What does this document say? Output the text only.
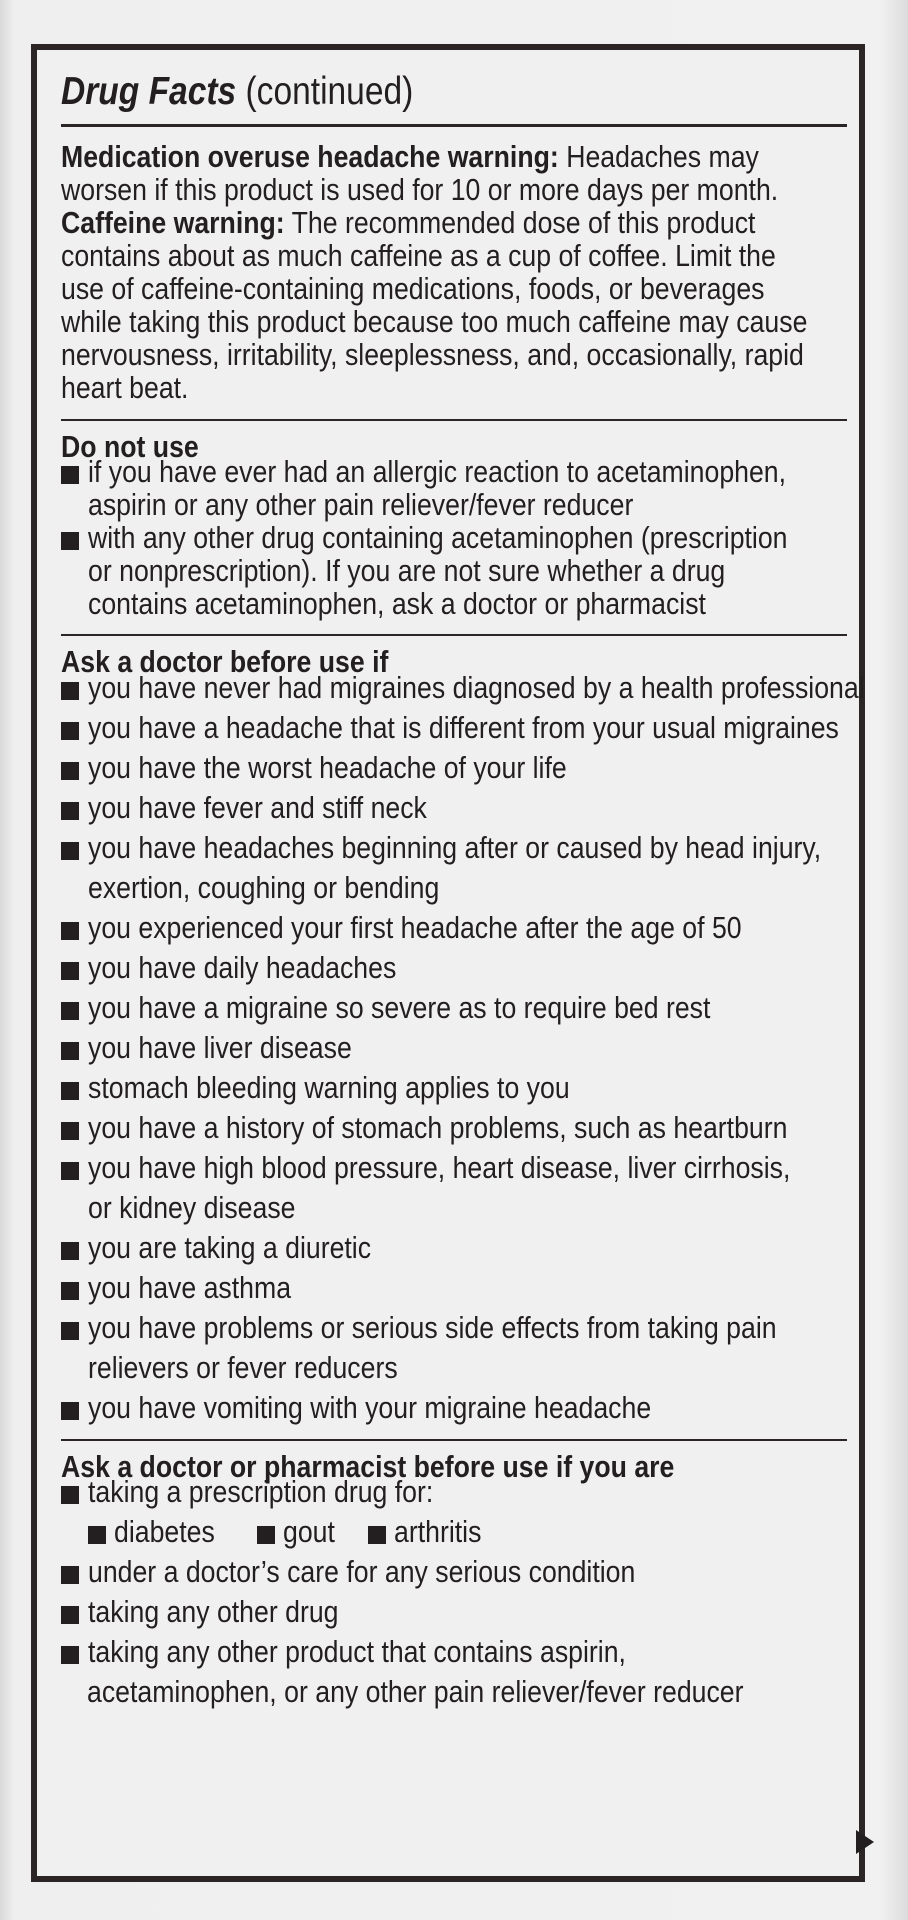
Drug Facts (continued)
Medication overuse headache warning: Headaches may
worsen if this product is used for 10 or more days per month.
Caffeine warning: The recommended dose of this product
contains about as much caffeine as a cup of coffee. Limit the
use of caffeine-containing medications, foods, or beverages
while taking this product because too much caffeine may cause
nervousness, irritability, sleeplessness, and, occasionally, rapid
heart beat.
Do not use
if you have ever had an allergic reaction to acetaminophen,
aspirin or any other pain reliever/fever reducer
with any other drug containing acetaminophen (prescription
or nonprescription). If you are not sure whether a drug
contains acetaminophen, ask a doctor or pharmacist
Ask a doctor before use if
you have never had migraines diagnosed by a health professional
you have a headache that is different from your usual migraines
you have the worst headache of your life
you have fever and stiff neck
you have headaches beginning after or caused by head injury,
exertion, coughing or bending
you experienced your first headache after the age of 50
you have daily headaches
you have a migraine so severe as to require bed rest
you have liver disease
stomach bleeding warning applies to you
you have a history of stomach problems, such as heartburn
you have high blood pressure, heart disease, liver cirrhosis,
or kidney disease
you are taking a diuretic
you have asthma
you have problems or serious side effects from taking pain
relievers or fever reducers
you have vomiting with your migraine headache
Ask a doctor or pharmacist before use if you are
taking a prescription drug for:
diabetes gout arthritis
under a doctor’s care for any serious condition
taking any other drug
taking any other product that contains aspirin,
acetaminophen, or any other pain reliever/fever reducer
